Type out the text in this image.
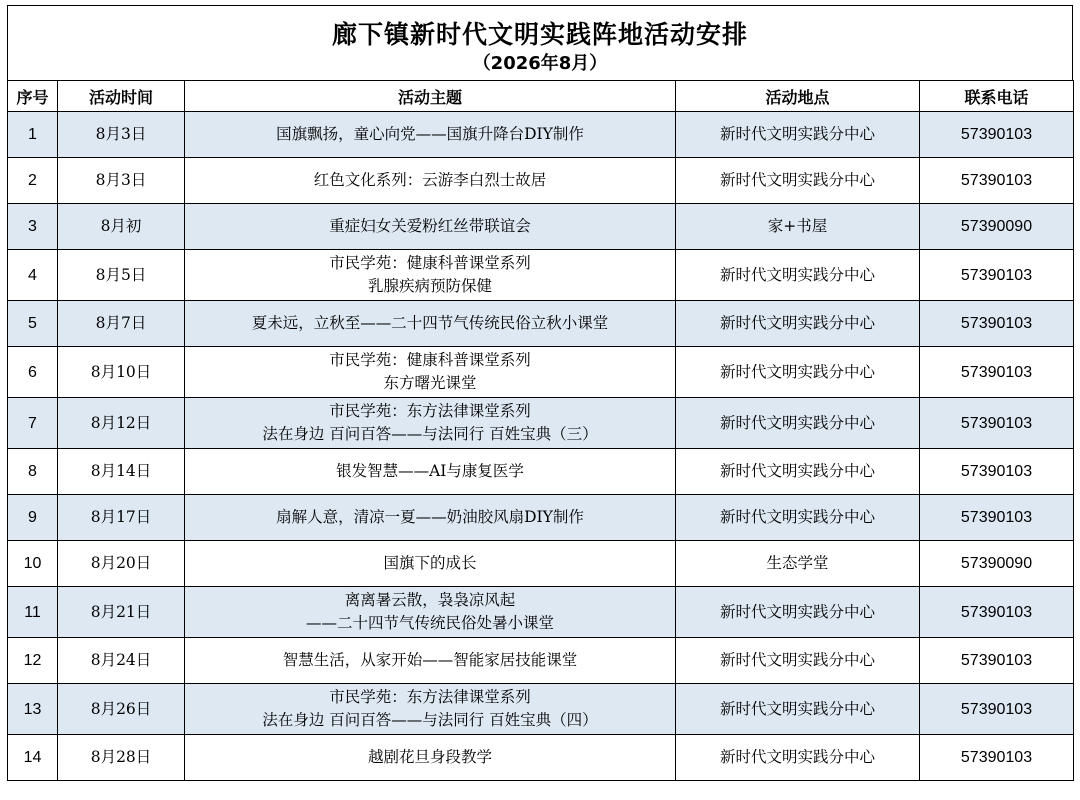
廊下镇新时代文明实践阵地活动安排
（2026年8月）
序号	活动时间	活动主题	活动地点	联系电话
1	8月3日	国旗飘扬，童心向党——国旗升降台DIY制作	新时代文明实践分中心	57390103
2	8月3日	红色文化系列：云游李白烈士故居	新时代文明实践分中心	57390103
3	8月初	重症妇女关爱粉红丝带联谊会	家+书屋	57390090
4	8月5日	市民学苑：健康科普课堂系列
乳腺疾病预防保健	新时代文明实践分中心	57390103
5	8月7日	夏未远，立秋至——二十四节气传统民俗立秋小课堂	新时代文明实践分中心	57390103
6	8月10日	市民学苑：健康科普课堂系列
东方曙光课堂	新时代文明实践分中心	57390103
7	8月12日	市民学苑：东方法律课堂系列
法在身边 百问百答——与法同行 百姓宝典（三）	新时代文明实践分中心	57390103
8	8月14日	银发智慧——AI与康复医学	新时代文明实践分中心	57390103
9	8月17日	扇解人意，清凉一夏——奶油胶风扇DIY制作	新时代文明实践分中心	57390103
10	8月20日	国旗下的成长	生态学堂	57390090
11	8月21日	离离暑云散，袅袅凉风起
——二十四节气传统民俗处暑小课堂	新时代文明实践分中心	57390103
12	8月24日	智慧生活，从家开始——智能家居技能课堂	新时代文明实践分中心	57390103
13	8月26日	市民学苑：东方法律课堂系列
法在身边 百问百答——与法同行 百姓宝典（四）	新时代文明实践分中心	57390103
14	8月28日	越剧花旦身段教学	新时代文明实践分中心	57390103
